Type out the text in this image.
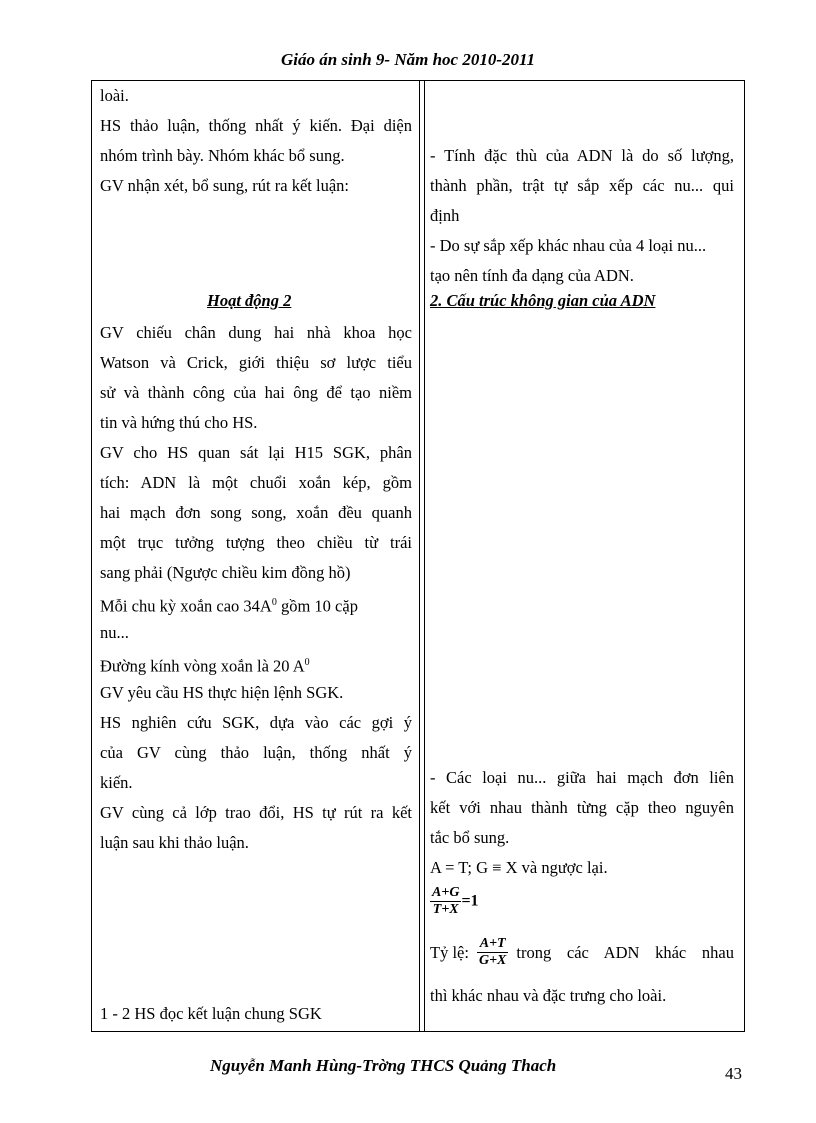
Giáo án sinh 9- Năm hoc 2010-2011
loài.
HS thảo luận, thống nhất ý kiến. Đại diện
nhóm trình bày. Nhóm khác bổ sung.
GV nhận xét, bổ sung, rút ra kết luận:
Hoạt động 2
GV chiếu chân dung hai nhà khoa học
Watson và Crick, giới thiệu sơ lược tiểu
sử và thành công của hai ông để tạo niềm
tin và hứng thú cho HS.
GV cho HS quan sát lại H15 SGK, phân
tích: ADN là một chuổi xoắn kép, gồm
hai mạch đơn song song, xoắn đều quanh
một trục tưởng tượng theo chiều từ trái
sang phải (Ngược chiều kim đồng hồ)
Mỗi chu kỳ xoắn cao $34A^0$ gồm 10 cặp
nu...
Đường kính vòng xoắn là 20 $A^0$
GV yêu cầu HS thực hiện lệnh SGK.
HS nghiên cứu SGK, dựa vào các gợi ý
của GV cùng thảo luận, thống nhất ý
kiến.
GV cùng cả lớp trao đổi, HS tự rút ra kết
luận sau khi thảo luận.
1 - 2 HS đọc kết luận chung SGK
- Tính đặc thù của ADN là do số lượng,
thành phần, trật tự sắp xếp các nu... qui
định
- Do sự sắp xếp khác nhau của 4 loại nu...
tạo nên tính đa dạng của ADN.
2. Cấu trúc không gian của ADN
- Các loại nu... giữa hai mạch đơn liên
kết với nhau thành từng cặp theo nguyên
tắc bổ sung.
A = T; G ≡ X và ngược lại.
$\frac{A+G}{T+X} =1$
Tỷ lệ: $\frac{A+T}{G+X}$ trong các ADN khác nhau
thì khác nhau và đặc trưng cho loài.
Nguyễn Manh Hùng-Trờng THCS Quảng Thach	43
